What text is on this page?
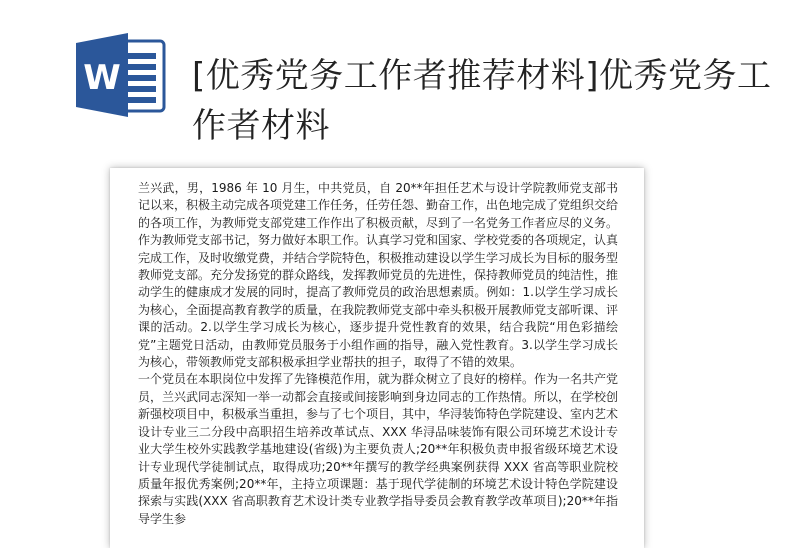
W [优秀党务工作者推荐材料]优秀党务工作者材料

兰兴武，男，1986 年 10 月生，中共党员，自 20**年担任艺术与设计学院教师党支部书记以来，积极主动完成各项党建工作任务，任劳任怨、勤奋工作，出色地完成了党组织交给的各项工作，为教师党支部党建工作作出了积极贡献，尽到了一名党务工作者应尽的义务。

作为教师党支部书记，努力做好本职工作。认真学习党和国家、学校党委的各项规定，认真完成工作，及时收缴党费，并结合学院特色，积极推动建设以学生学习成长为目标的服务型教师党支部。充分发扬党的群众路线，发挥教师党员的先进性，保持教师党员的纯洁性，推动学生的健康成才发展的同时，提高了教师党员的政治思想素质。例如：1.以学生学习成长为核心，全面提高教育教学的质量，在我院教师党支部中牵头积极开展教师党支部听课、评课的活动。2.以学生学习成长为核心，逐步提升党性教育的效果，结合我院“用色彩描绘党”主题党日活动，由教师党员服务于小组作画的指导，融入党性教育。3.以学生学习成长为核心，带领教师党支部积极承担学业帮扶的担子，取得了不错的效果。

一个党员在本职岗位中发挥了先锋模范作用，就为群众树立了良好的榜样。作为一名共产党员，兰兴武同志深知一举一动都会直接或间接影响到身边同志的工作热情。所以，在学校创新强校项目中，积极承当重担，参与了七个项目，其中，华浔装饰特色学院建设、室内艺术设计专业三二分段中高职招生培养改革试点、XXX 华浔品味装饰有限公司环境艺术设计专业大学生校外实践教学基地建设(省级)为主要负责人;20**年积极负责申报省级环境艺术设计专业现代学徒制试点，取得成功;20**年撰写的教学经典案例获得 XXX 省高等职业院校质量年报优秀案例;20**年，主持立项课题：基于现代学徒制的环境艺术设计特色学院建设探索与实践(XXX 省高职教育艺术设计类专业教学指导委员会教育教学改革项目);20**年指导学生参
